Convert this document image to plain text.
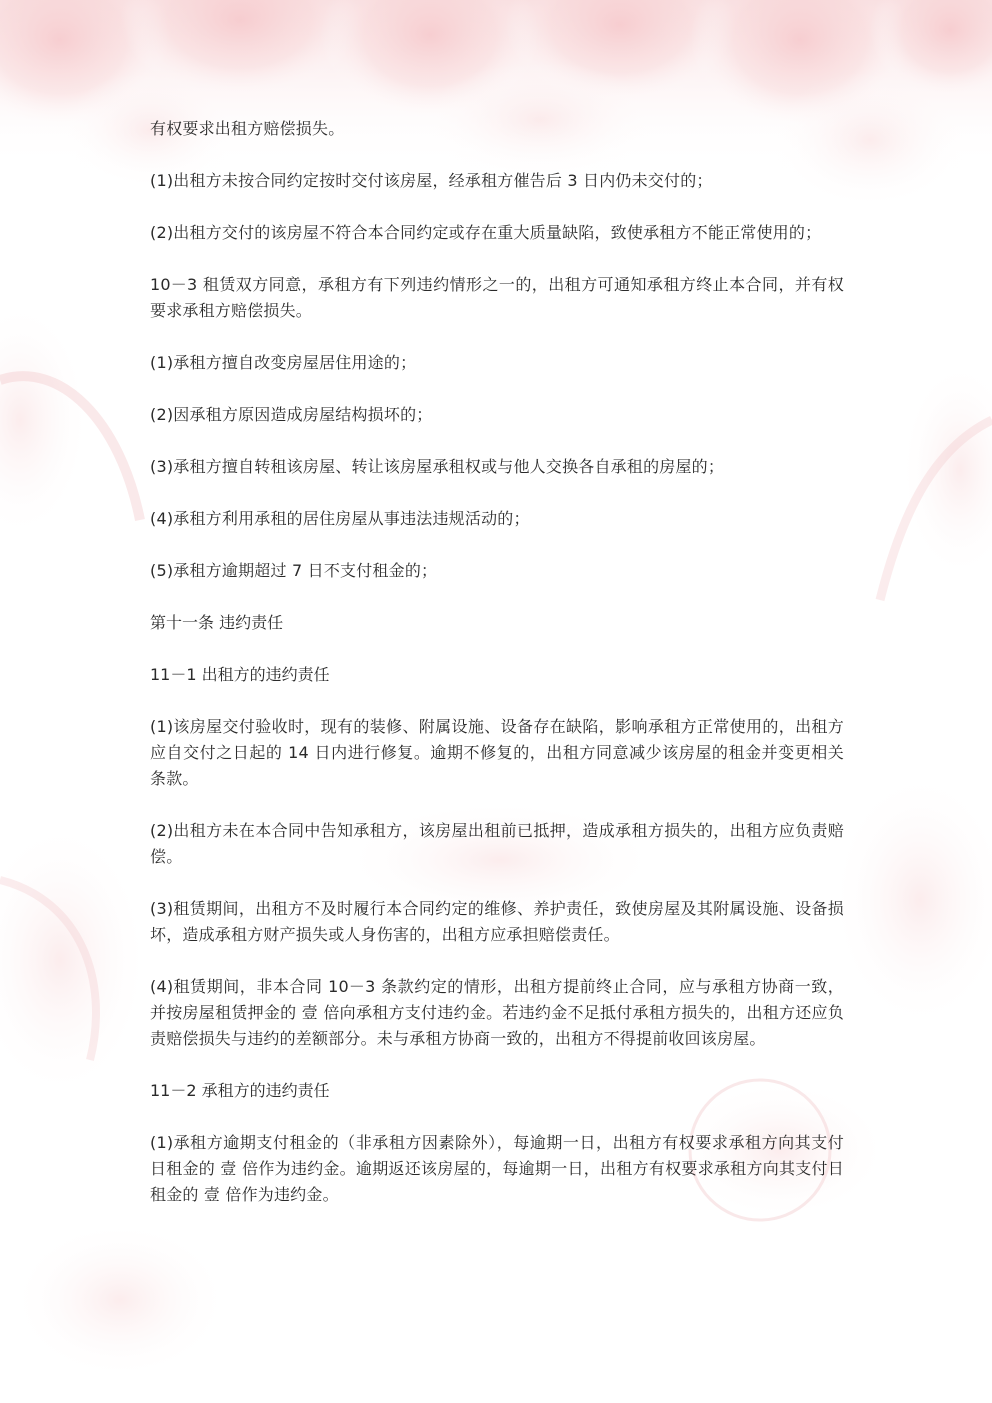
有权要求出租方赔偿损失。

(1)出租方未按合同约定按时交付该房屋，经承租方催告后 3 日内仍未交付的；

(2)出租方交付的该房屋不符合本合同约定或存在重大质量缺陷，致使承租方不能正常使用的；

10－3 租赁双方同意，承租方有下列违约情形之一的，出租方可通知承租方终止本合同，并有权要求承租方赔偿损失。

(1)承租方擅自改变房屋居住用途的；

(2)因承租方原因造成房屋结构损坏的；

(3)承租方擅自转租该房屋、转让该房屋承租权或与他人交换各自承租的房屋的；

(4)承租方利用承租的居住房屋从事违法违规活动的；

(5)承租方逾期超过 7 日不支付租金的；

第十一条 违约责任

11－1 出租方的违约责任

(1)该房屋交付验收时，现有的装修、附属设施、设备存在缺陷，影响承租方正常使用的，出租方应自交付之日起的 14 日内进行修复。逾期不修复的，出租方同意减少该房屋的租金并变更相关条款。

(2)出租方未在本合同中告知承租方，该房屋出租前已抵押，造成承租方损失的，出租方应负责赔偿。

(3)租赁期间，出租方不及时履行本合同约定的维修、养护责任，致使房屋及其附属设施、设备损坏，造成承租方财产损失或人身伤害的，出租方应承担赔偿责任。

(4)租赁期间，非本合同 10－3 条款约定的情形，出租方提前终止合同，应与承租方协商一致，并按房屋租赁押金的 壹 倍向承租方支付违约金。若违约金不足抵付承租方损失的，出租方还应负责赔偿损失与违约的差额部分。未与承租方协商一致的，出租方不得提前收回该房屋。

11－2 承租方的违约责任

(1)承租方逾期支付租金的（非承租方因素除外），每逾期一日，出租方有权要求承租方向其支付日租金的 壹 倍作为违约金。逾期返还该房屋的，每逾期一日，出租方有权要求承租方向其支付日租金的 壹 倍作为违约金。
